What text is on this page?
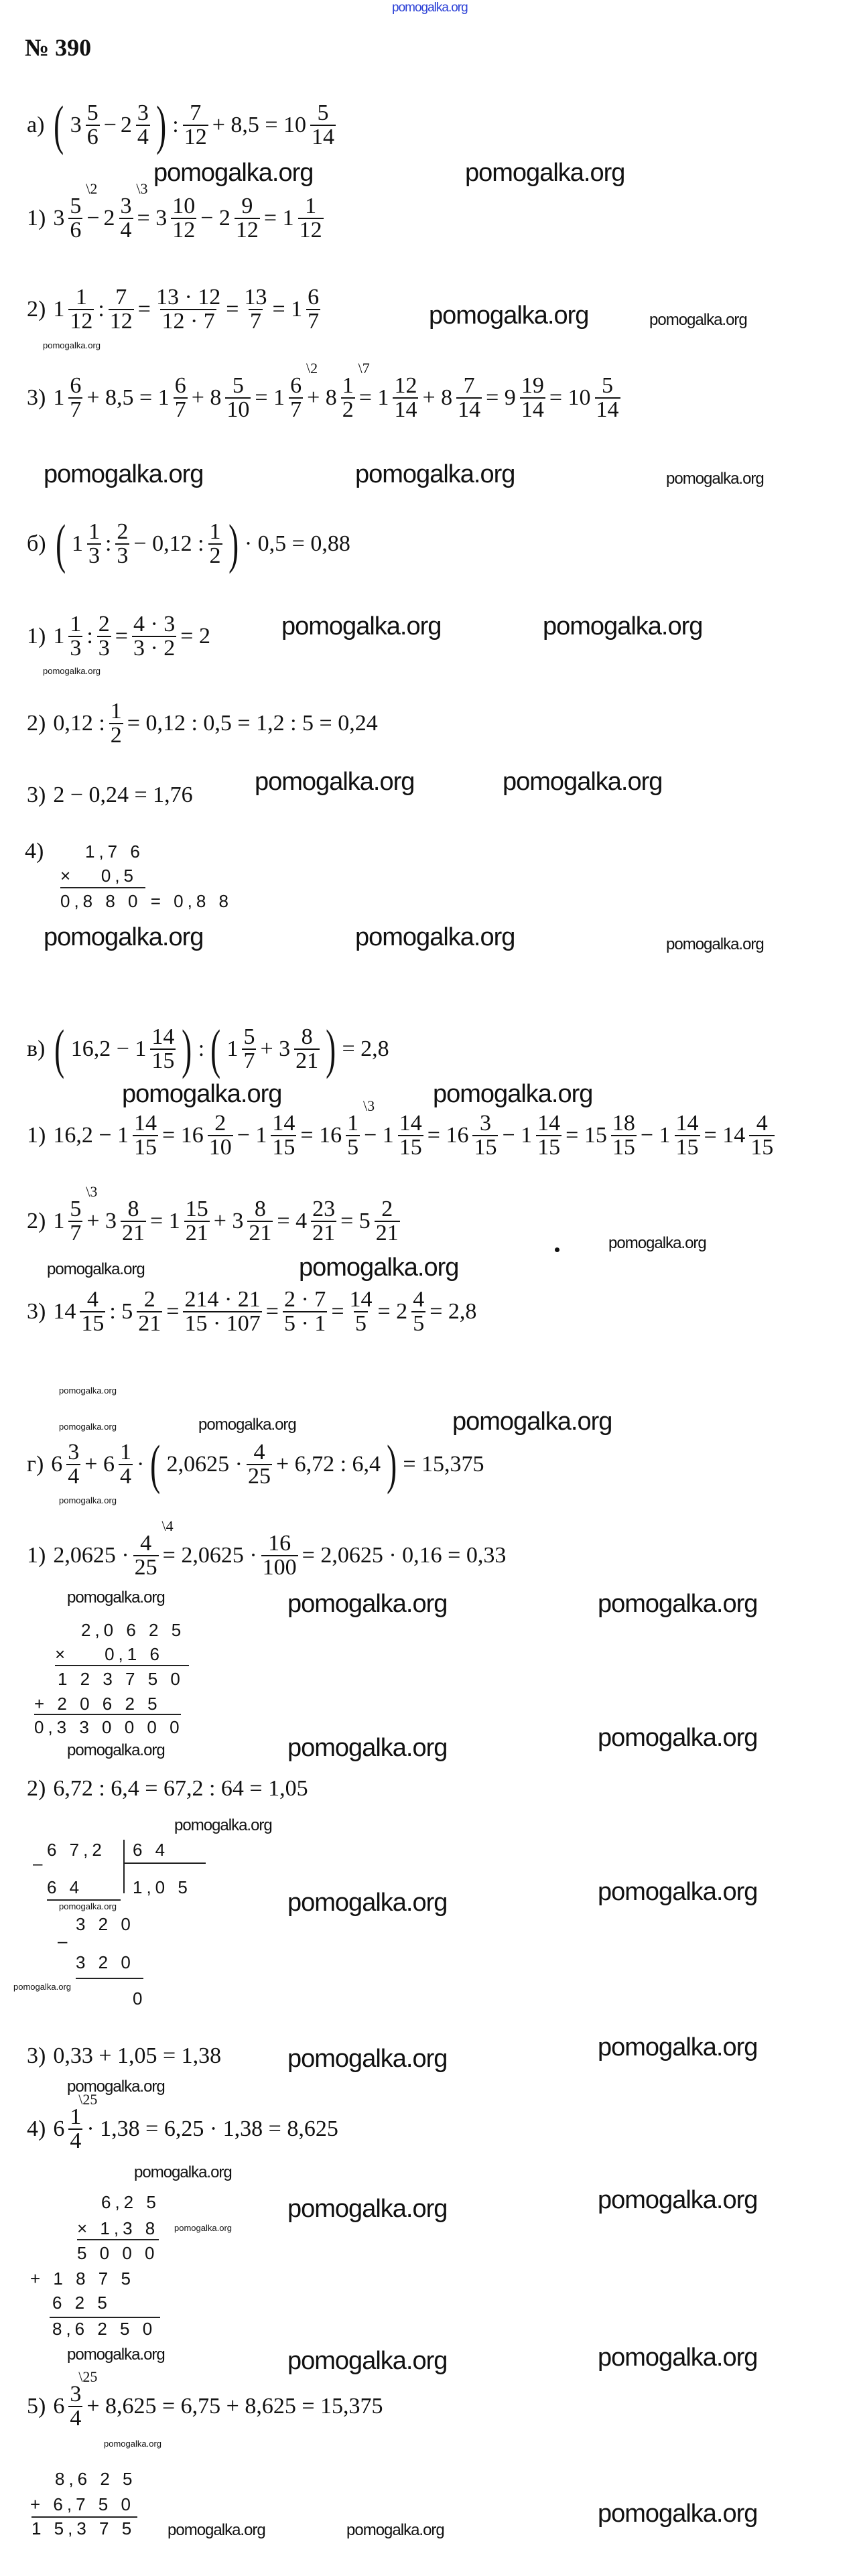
pomogalka.org
№ 390
а) ( $3 \frac{5}{6} - 2 \frac{3}{4}$ ) : $\frac{7}{12} + 8,5 = 10 \frac{5}{14}$
1) 3 5
6
\2
− 2 3
4
\3
= $3 \frac{10}{12} - 2 \frac{9}{12} = 1 \frac{1}{12}$
2) $1 \frac{1}{12}$ : $\frac{7}{12} = \frac{13 \cdot 12}{12 \cdot 7} = \frac{13}{7} = 1 \frac{6}{7}$
3) $1 \frac{6}{7} + 8,5 = 1 \frac{6}{7} + 8 \frac{5}{10} = 1$ 6
7
\2
+ 8 1
2
\7
= $1 \frac{12}{14} + 8 \frac{7}{14} = 9 \frac{19}{14} = 10 \frac{5}{14}$
б) ( $1 \frac{1}{3}$ : $\frac{2}{3} - 0,12$ : $\frac{1}{2}$ ) · 0,5 = 0,88
1) $1 \frac{1}{3}$ : $\frac{2}{3} = \frac{4 \cdot 3}{3 \cdot 2} = 2$
2) 0,12 : $\frac{1}{2} = 0,12$ : 0,5 = 1,2 : 5 = 0,24
3) 2 − 0,24 = 1,76
в) ( $16,2 - 1 \frac{14}{15}$ ) : ( $1 \frac{5}{7} + 3 \frac{8}{21}$ ) = 2,8
1) $16,2 - 1 \frac{14}{15} = 16 \frac{2}{10} - 1 \frac{14}{15} = 16$ 1
5
\3
− $1 \frac{14}{15} = 16 \frac{3}{15} - 1 \frac{14}{15} = 15 \frac{18}{15} - 1 \frac{14}{15} = 14 \frac{4}{15}$
2) 1 5
7
\3
+ $3 \frac{8}{21} = 1 \frac{15}{21} + 3 \frac{8}{21} = 4 \frac{23}{21} = 5 \frac{2}{21}$
3) $14 \frac{4}{15}$ : $5 \frac{2}{21} = \frac{214 \cdot 21}{15 \cdot 107} = \frac{2 \cdot 7}{5 \cdot 1} = \frac{14}{5} = 2 \frac{4}{5} = 2,8$
г) $6 \frac{3}{4} + 6 \frac{1}{4}$ · ( $2,0625 \cdot \frac{4}{25} + 6,72$ : 6,4 ) = 15,375
1) 2,0625 · 4
25
\4
= $2,0625 \cdot \frac{16}{100} = 2,0625 \cdot 0,16 = 0,33$
2) 6,72 : 6,4 = 67,2 : 64 = 1,05
3) 0,33 + 1,05 = 1,38
4) 6 1
4
\25
· 1,38 = 6,25 · 1,38 = 8,625
5) 6 3
4
\25
+ 8,625 = 6,75 + 8,625 = 15,375
4) 1,7 6
×   0,5
0,8 8 0 = 0,8 8
2,0 6 2 5
×    0,1 6
1 2 3 7 5 0
+ 2 0 6 2 5
0,3 3 0 0 0 0
6 7,2 6 4
–
6 4	1,0 5
3 2 0
–
3 2 0
0
6,2 5
× 1,3 8
5 0 0 0
+ 1 8 7 5
6 2 5
8,6 2 5 0
8,6 2 5
+ 6,7 5 0
1 5,3 7 5
pomogalka.org	pomogalka.org
pomogalka.org
pomogalka.org	pomogalka.org
pomogalka.org	pomogalka.org
pomogalka.org	pomogalka.org
pomogalka.org	pomogalka.org
pomogalka.org	pomogalka.org
pomogalka.org
pomogalka.org
pomogalka.org	pomogalka.org
pomogalka.org	pomogalka.org
pomogalka.org	pomogalka.org
pomogalka.org	pomogalka.org
pomogalka.org	pomogalka.org
pomogalka.org	pomogalka.org
pomogalka.org
pomogalka.org
pomogalka.org
pomogalka.org
pomogalka.org
pomogalka.org
pomogalka.org
pomogalka.org
pomogalka.org
pomogalka.org
pomogalka.org
pomogalka.org
pomogalka.org
pomogalka.org	pomogalka.org
pomogalka.org
pomogalka.org
pomogalka.org
pomogalka.org
pomogalka.org
pomogalka.org
pomogalka.org
pomogalka.org
pomogalka.org
